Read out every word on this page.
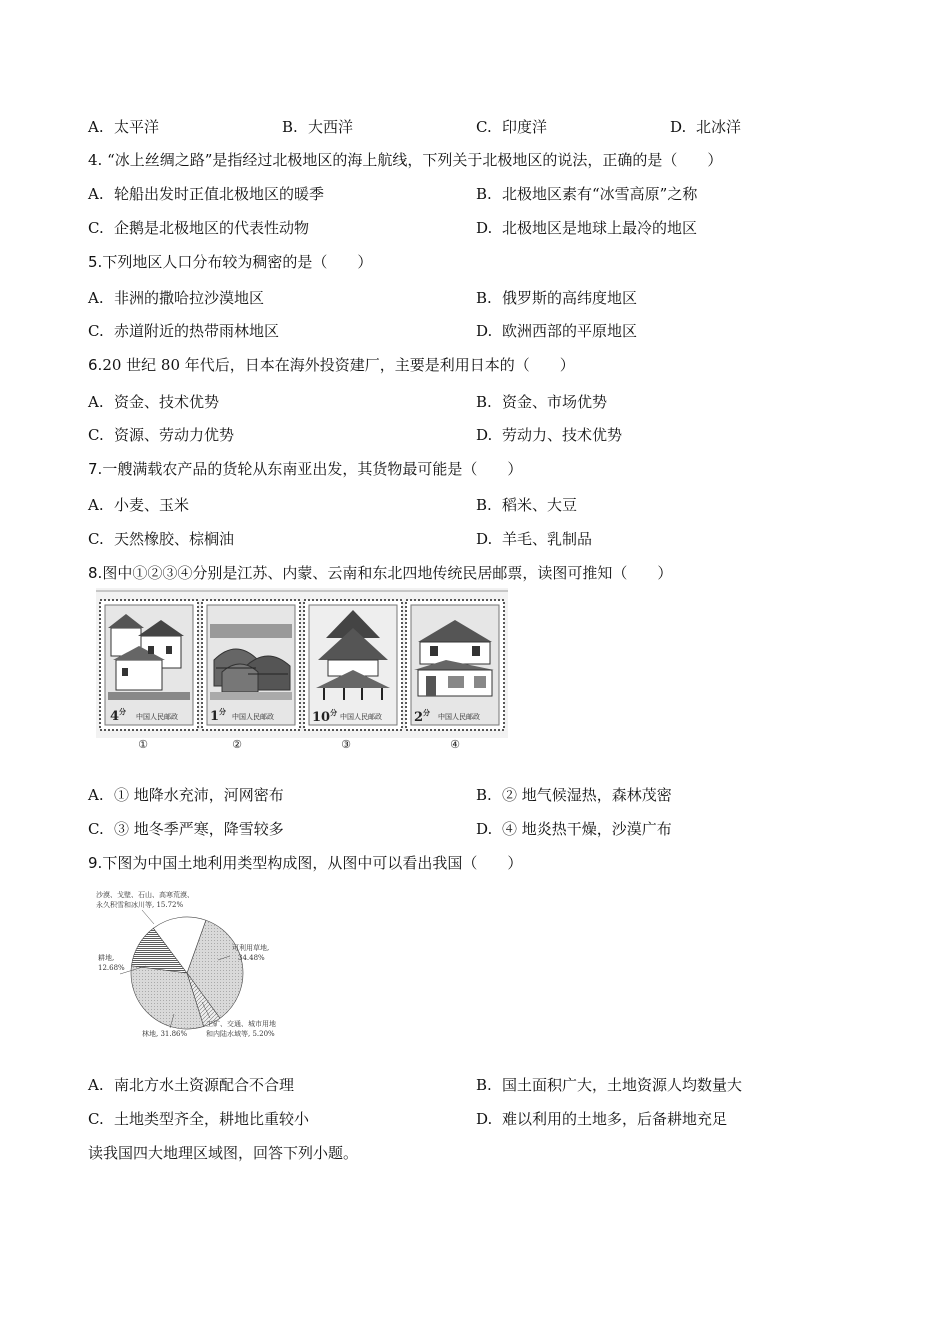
A. 太平洋	B. 大西洋	C. 印度洋	D. 北冰洋
4. “冰上丝绸之路”是指经过北极地区的海上航线，下列关于北极地区的说法，正确的是（　　）
A. 轮船出发时正值北极地区的暖季	B. 北极地区素有“冰雪高原”之称
C. 企鹅是北极地区的代表性动物	D. 北极地区是地球上最冷的地区
5.下列地区人口分布较为稠密的是（　　）
A. 非洲的撒哈拉沙漠地区	B. 俄罗斯的高纬度地区
C. 赤道附近的热带雨林地区	D. 欧洲西部的平原地区
6.20 世纪 80 年代后，日本在海外投资建厂，主要是利用日本的（　　）
A. 资金、技术优势	B. 资金、市场优势
C. 资源、劳动力优势	D. 劳动力、技术优势
7.一艘满载农产品的货轮从东南亚出发，其货物最可能是（　　）
A. 小麦、玉米	B. 稻米、大豆
C. 天然橡胶、棕榈油	D. 羊毛、乳制品
8.图中①②③④分别是江苏、内蒙、云南和东北四地传统民居邮票，读图可推知（　　）
$4^分$
中国人民邮政
①
$1^分$
中国人民邮政
②
$10^分$ 中国人民邮政
③
$2^分$ 中国人民邮政
④
A. ① 地降水充沛，河网密布	B. ② 地气候湿热，森林茂密
C. ③ 地冬季严寒，降雪较多	D. ④ 地炎热干燥，沙漠广布
9.下图为中国土地利用类型构成图，从图中可以看出我国（　　）
沙漠、戈壁、石山、高寒荒漠、
永久积雪和冰川等, 15.72%
可利用草地,
34.48%
耕地,
12.68%
林地, 31.86%
工矿、交通、城市用地
和内陆水域等, 5.20%
A. 南北方水土资源配合不合理	B. 国土面积广大，土地资源人均数量大
C. 土地类型齐全，耕地比重较小	D. 难以利用的土地多，后备耕地充足
读我国四大地理区域图，回答下列小题。
